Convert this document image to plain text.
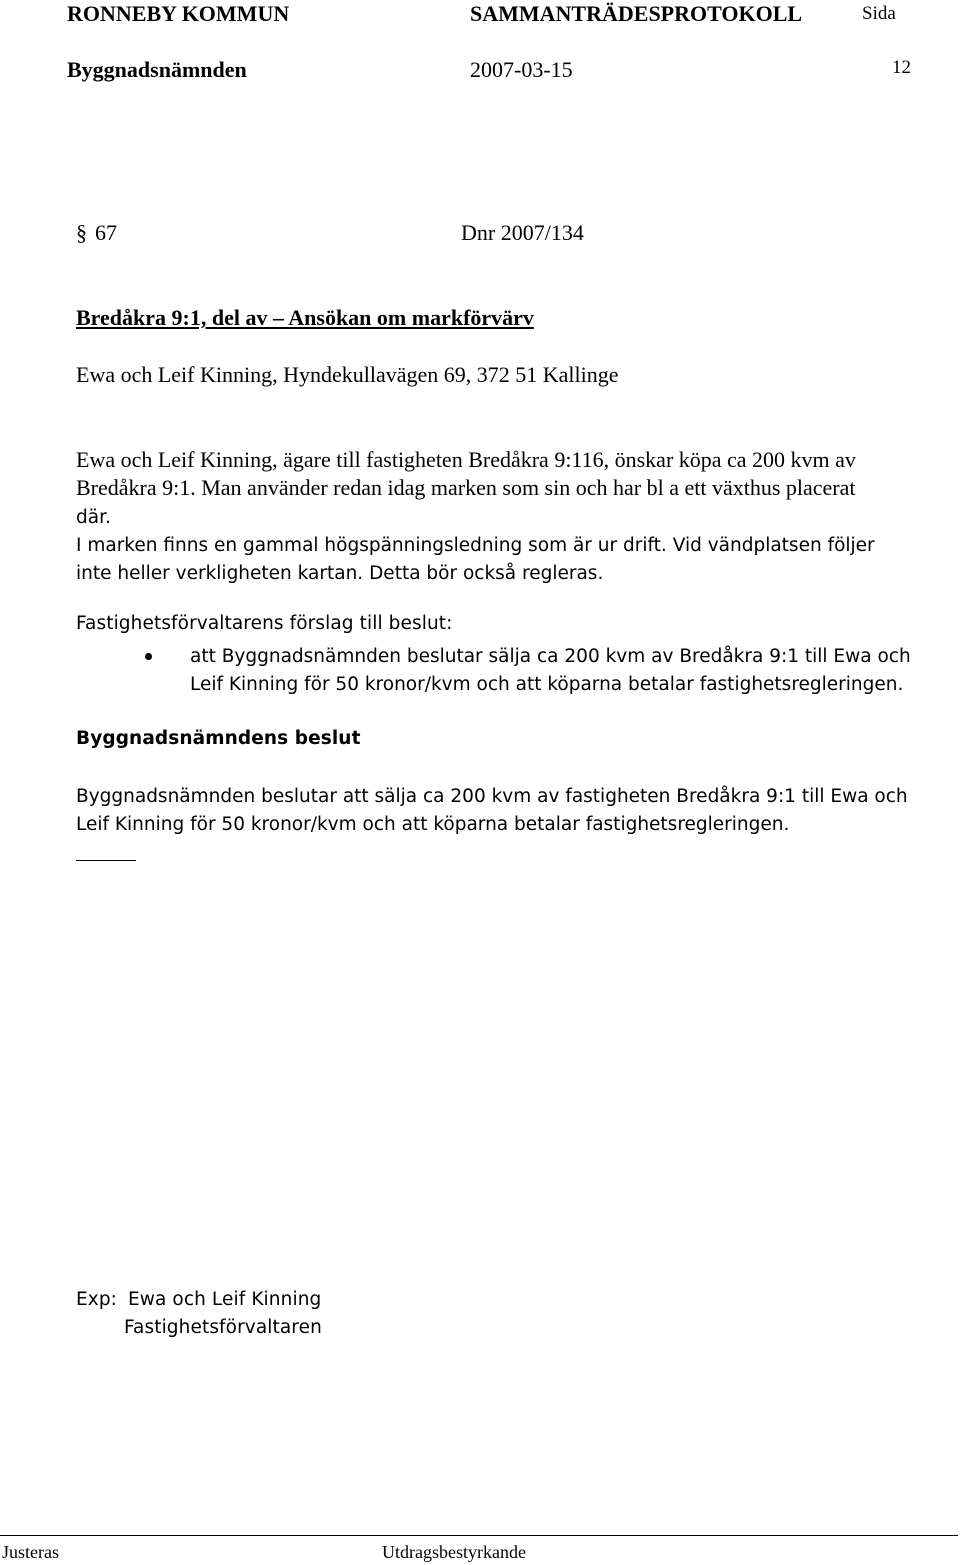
RONNEBY KOMMUN	SAMMANTRÄDESPROTOKOLL	Sida
Byggnadsnämnden	2007-03-15	12
§ 67	Dnr 2007/134
Bredåkra 9:1, del av – Ansökan om markförvärv
Ewa och Leif Kinning, Hyndekullavägen 69, 372 51 Kallinge
Ewa och Leif Kinning, ägare till fastigheten Bredåkra 9:116, önskar köpa ca 200 kvm av
Bredåkra 9:1. Man använder redan idag marken som sin och har bl a ett växthus placerat
där.
I marken finns en gammal högspänningsledning som är ur drift. Vid vändplatsen följer
inte heller verkligheten kartan. Detta bör också regleras.
Fastighetsförvaltarens förslag till beslut:
att Byggnadsnämnden beslutar sälja ca 200 kvm av Bredåkra 9:1 till Ewa och
Leif Kinning för 50 kronor/kvm och att köparna betalar fastighetsregleringen.
Byggnadsnämndens beslut
Byggnadsnämnden beslutar att sälja ca 200 kvm av fastigheten Bredåkra 9:1 till Ewa och
Leif Kinning för 50 kronor/kvm och att köparna betalar fastighetsregleringen.
Exp: Ewa och Leif Kinning
Fastighetsförvaltaren
Justeras	Utdragsbestyrkande
